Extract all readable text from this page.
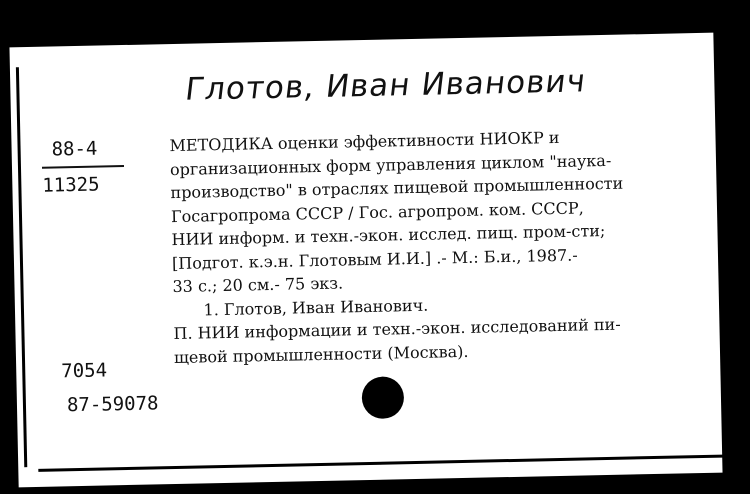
Глотов, Иван Иванович
88-4
11325
МЕТОДИКА оценки эффективности НИОКР и
организационных форм управления циклом "наука-
производство" в отраслях пищевой промышленности
Госагропрома СССР / Гос. агропром. ком. СССР,
НИИ информ. и техн.-экон. исслед. пищ. пром-сти;
[Подгот. к.э.н. Глотовым И.И.] .- М.: Б.и., 1987.-
33 с.; 20 см.- 75 экз.
1. Глотов, Иван Иванович.
П. НИИ информации и техн.-экон. исследований пи-
щевой промышленности (Москва).
7054
87-59078
